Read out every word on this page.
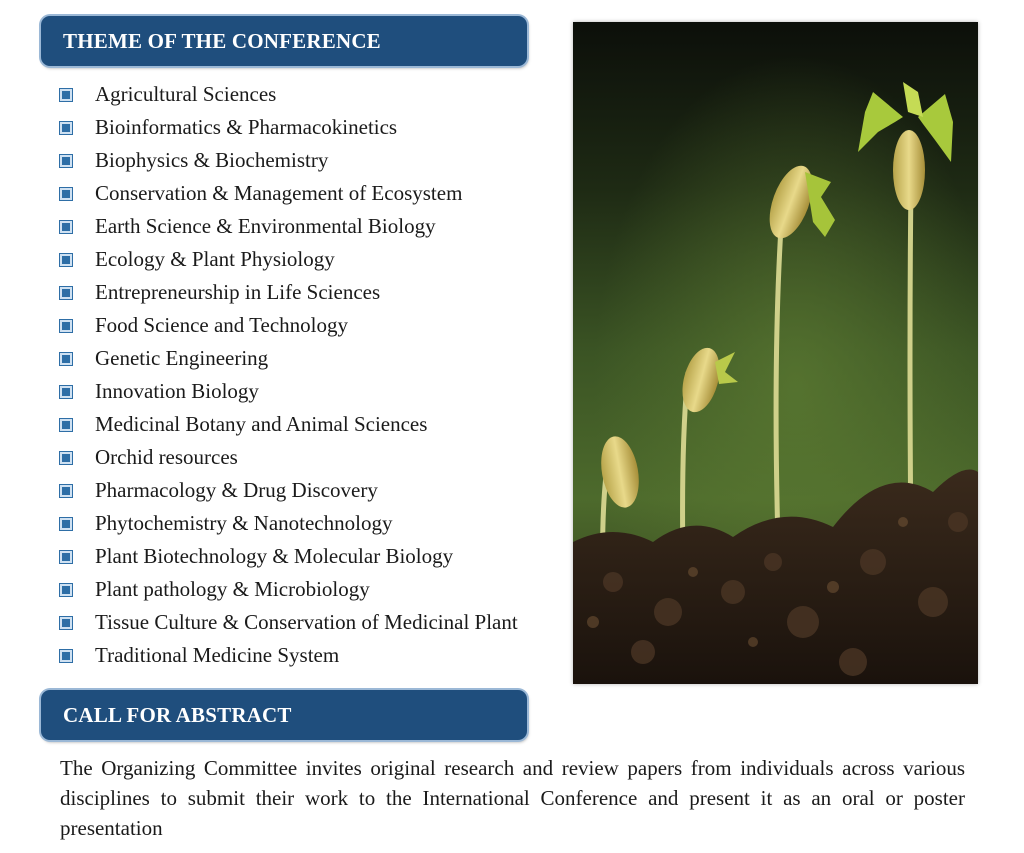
THEME OF THE CONFERENCE
Agricultural Sciences
Bioinformatics & Pharmacokinetics
Biophysics & Biochemistry
Conservation & Management of Ecosystem
Earth Science & Environmental Biology
Ecology & Plant Physiology
Entrepreneurship in Life Sciences
Food Science and Technology
Genetic Engineering
Innovation Biology
Medicinal Botany and Animal Sciences
Orchid resources
Pharmacology & Drug Discovery
Phytochemistry & Nanotechnology
Plant Biotechnology & Molecular Biology
Plant pathology & Microbiology
Tissue Culture & Conservation of Medicinal Plant
Traditional Medicine System
CALL FOR ABSTRACT

The Organizing Committee invites original research and review papers from individuals across various disciplines to submit their work to the International Conference and present it as an oral or poster presentation
